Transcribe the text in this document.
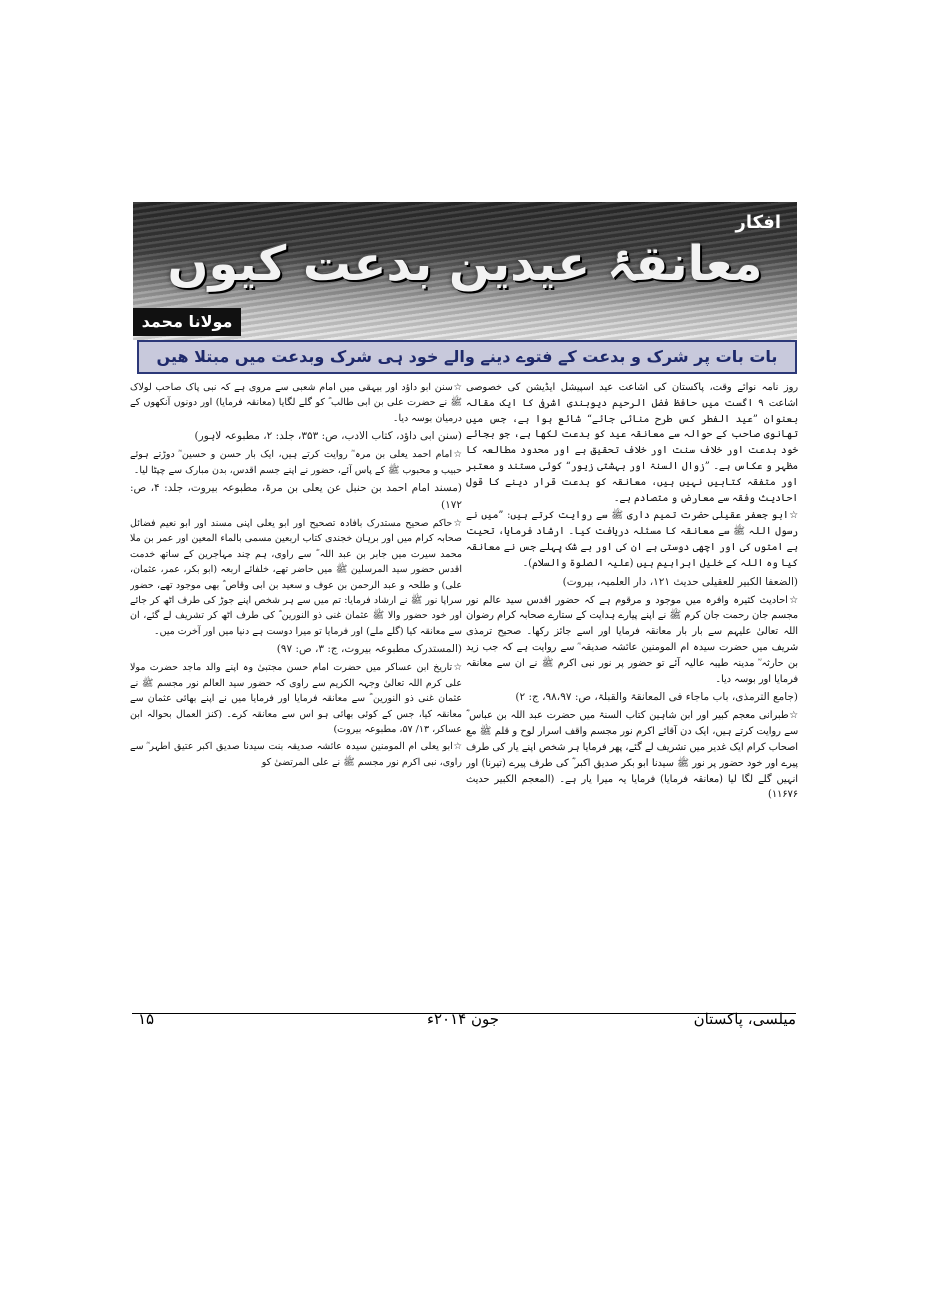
افکار
معانقۂ عیدین بدعت کیوں
مولانا محمد
بات بات پر شرک و بدعت کے فتوے دینے والے خود ہی شرک وبدعت میں مبتلا ھیں

روز نامہ نوائے وقت، پاکستان کی اشاعت عید اسپیشل ایڈیشن کی خصوصی اشاعت ۹ اگست میں حافظ فضل الرحیم دیوبندی اشرفی کا ایک مقالہ بعنوان ”عید الفطر کس طرح منائی جائے“ شائع ہوا ہے، جس میں تھانوی صاحب کے حوالہ سے معانقہ عید کو بدعت لکھا ہے، جو بجائے خود بدعت اور خلاف سنت اور خلاف تحقیق ہے اور محدود مطالعہ کا مظہر و عکاس ہے۔ ”زوال السنۃ اور بہشتی زیور“ کوئی مستند و معتبر اور متفقہ کتابیں نہیں ہیں، معانقہ کو بدعت قرار دینے کا قول احادیث وفقہ سے معارض و متصادم ہے۔

☆ابو جعفر عقیلی حضرت تمیم داری ﷺ سے روایت کرتے ہیں: ”میں نے رسول اللہ ﷺ سے معانقہ کا مسئلہ دریافت کیا۔ ارشاد فرمایا، تحیت ہے امتوں کی اور اچھی دوستی ہے ان کی اور بے شک پہلے جس نے معانقہ کیا وہ اللہ کے خلیل ابراہیم ہیں (علیہ الصلوۃ والسلام)۔

(الضعفا الکبیر للعقیلی حدیث ۱۲۱، دار العلمیہ، بیروت)

☆احادیث کثیرہ وافرہ میں موجود و مرقوم ہے کہ حضور اقدس سید عالم نور مجسم جان رحمت جان کرم ﷺ نے اپنے پیارے ہدایت کے ستارے صحابہ کرام رضوان اللہ تعالیٰ علیہم سے بار بار معانقہ فرمایا اور اسے جائز رکھا۔ صحیح ترمذی شریف میں حضرت سیدہ ام المومنین عائشہ صدیقہ ؓ سے روایت ہے کہ جب زید بن حارثہ ؓ مدینہ طیبہ عالیہ آئے تو حضور پر نور نبی اکرم ﷺ نے ان سے معانقہ فرمایا اور بوسہ دیا۔

(جامع الترمذی، باب ماجاء فی المعانقۃ والقبلۃ، ص: ۹۸،۹۷، ج: ۲)

☆طبرانی معجم کبیر اور ابن شاہین کتاب السنۃ میں حضرت عبد اللہ بن عباس ؓ سے روایت کرتے ہیں، ایک دن آقائے اکرم نور مجسم واقف اسرار لوح و قلم ﷺ مع اصحاب کرام ایک غدیر میں تشریف لے گئے، پھر فرمایا ہر شخص اپنے یار کی طرف پیرے اور خود حضور پر نور ﷺ سیدنا ابو بکر صدیق اکبر ؓ کی طرف پیرے (تیرنا) اور انہیں گلے لگا لیا (معانقہ فرمایا) فرمایا یہ میرا یار ہے۔ (المعجم الکبیر حدیث ۱۱۶۷۶)

☆سنن ابو داؤد اور بیہقی میں امام شعبی سے مروی ہے کہ نبی پاک صاحب لولاک ﷺ نے حضرت علی بن ابی طالب ؓ کو گلے لگایا (معانقہ فرمایا) اور دونوں آنکھوں کے درمیان بوسہ دیا۔

(سنن ابی داؤد، کتاب الادب، ص: ۳۵۳، جلد: ۲، مطبوعہ لاہور)

☆امام احمد یعلی بن مرہ ؓ روایت کرتے ہیں، ایک بار حسن و حسین ؓ دوڑتے ہوئے حبیب و محبوب ﷺ کے پاس آئے، حضور نے اپنے جسم اقدس، بدن مبارک سے چپٹا لیا۔

(مسند امام احمد بن حنبل عن یعلی بن مرۃ، مطبوعہ بیروت، جلد: ۴، ص: ۱۷۲)

☆حاکم صحیح مستدرک بافادہ تصحیح اور ابو یعلی اپنی مسند اور ابو نعیم فضائل صحابہ کرام میں اور برہان خجندی کتاب اربعین مسمی بالماء المعین اور عمر بن ملا محمد سیرت میں جابر بن عبد اللہ ؓ سے راوی، ہم چند مہاجرین کے ساتھ خدمت اقدس حضور سید المرسلین ﷺ میں حاضر تھے، خلفائے اربعہ (ابو بکر، عمر، عثمان، علی) و طلحہ و عبد الرحمن بن عوف و سعید بن ابی وقاص ؓ بھی موجود تھے، حضور سراپا نور ﷺ نے ارشاد فرمایا: تم میں سے ہر شخص اپنے جوڑ کی طرف اٹھ کر جائے اور خود حضور والا ﷺ عثمان غنی ذو النورین ؓ کی طرف اٹھ کر تشریف لے گئے، ان سے معانقہ کیا (گلے ملے) اور فرمایا تو میرا دوست ہے دنیا میں اور آخرت میں۔

(المستدرک مطبوعہ بیروت، ج: ۳، ص: ۹۷)

☆تاریخ ابن عساکر میں حضرت امام حسن مجتبیٰ وہ اپنے والد ماجد حضرت مولا علی کرم اللہ تعالیٰ وجہہ الکریم سے راوی کہ حضور سید العالم نور مجسم ﷺ نے عثمان غنی ذو النورین ؓ سے معانقہ فرمایا اور فرمایا میں نے اپنے بھائی عثمان سے معانقہ کیا، جس کے کوئی بھائی ہو اس سے معانقہ کرے۔ (کنز العمال بحوالہ ابن عساکر، ۱۳/ ۵۷، مطبوعہ بیروت)

☆ابو یعلی ام المومنین سیدہ عائشہ صدیقہ بنت سیدنا صدیق اکبر عتیق اطہر ؓ سے راوی، نبی اکرم نور مجسم ﷺ نے علی المرتضیٰ کو

میلسی، پاکستان
جون ۲۰۱۴ء
۱۵
